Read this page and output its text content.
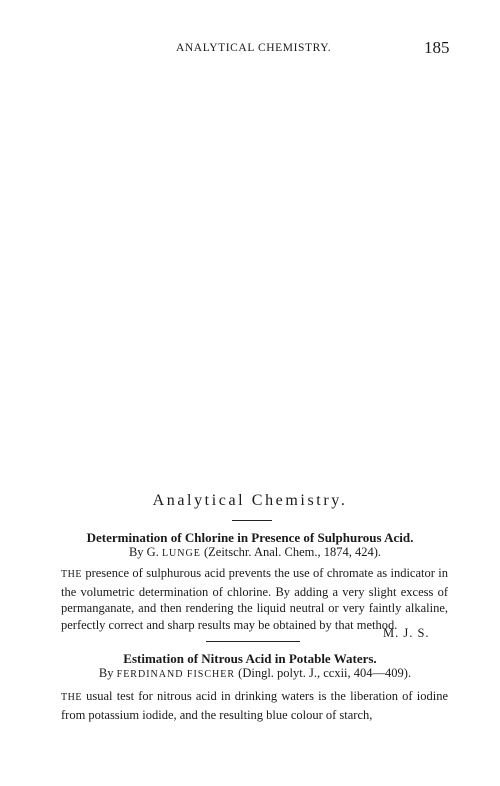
ANALYTICAL CHEMISTRY.	185
Analytical Chemistry.
Determination of Chlorine in Presence of Sulphurous Acid.
By G. LUNGE (Zeitschr. Anal. Chem., 1874, 424).

THE presence of sulphurous acid prevents the use of chromate as indicator in the volumetric determination of chlorine. By adding a very slight excess of permanganate, and then rendering the liquid neutral or very faintly alkaline, perfectly correct and sharp results may be obtained by that method.

M. J. S.
Estimation of Nitrous Acid in Potable Waters.
By FERDINAND FISCHER (Dingl. polyt. J., ccxii, 404—409).

THE usual test for nitrous acid in drinking waters is the liberation of iodine from potassium iodide, and the resulting blue colour of starch,
